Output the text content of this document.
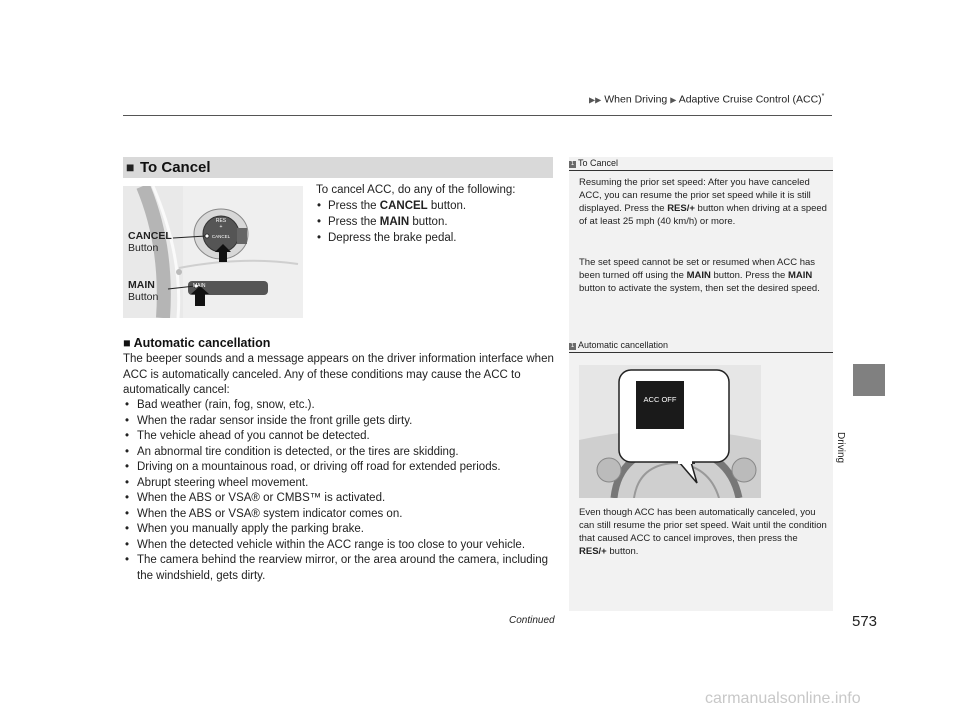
▶▶ When Driving ▶ Adaptive Cruise Control (ACC)*
Driving
■ To Cancel
RES
+
CANCEL
MAIN
CANCEL
Button
MAIN
Button
To cancel ACC, do any of the following:
• Press the CANCEL button.
• Press the MAIN button.
• Depress the brake pedal.
■ Automatic cancellation
The beeper sounds and a message appears on the driver information interface when ACC is automatically canceled. Any of these conditions may cause the ACC to automatically cancel:
• Bad weather (rain, fog, snow, etc.).
• When the radar sensor inside the front grille gets dirty.
• The vehicle ahead of you cannot be detected.
• An abnormal tire condition is detected, or the tires are skidding.
• Driving on a mountainous road, or driving off road for extended periods.
• Abrupt steering wheel movement.
• When the ABS or VSA® or CMBS™ is activated.
• When the ABS or VSA® system indicator comes on.
• When you manually apply the parking brake.
• When the detected vehicle within the ACC range is too close to your vehicle.
• The camera behind the rearview mirror, or the area around the camera, including the windshield, gets dirty.
1 To Cancel
Resuming the prior set speed: After you have canceled ACC, you can resume the prior set speed while it is still displayed. Press the RES/+ button when driving at a speed of at least 25 mph (40 km/h) or more.
The set speed cannot be set or resumed when ACC has been turned off using the MAIN button. Press the MAIN button to activate the system, then set the desired speed.
1 Automatic cancellation
ACC OFF
Even though ACC has been automatically canceled, you can still resume the prior set speed. Wait until the condition that caused ACC to cancel improves, then press the RES/+ button.
Continued	573
carmanualsonline.info
